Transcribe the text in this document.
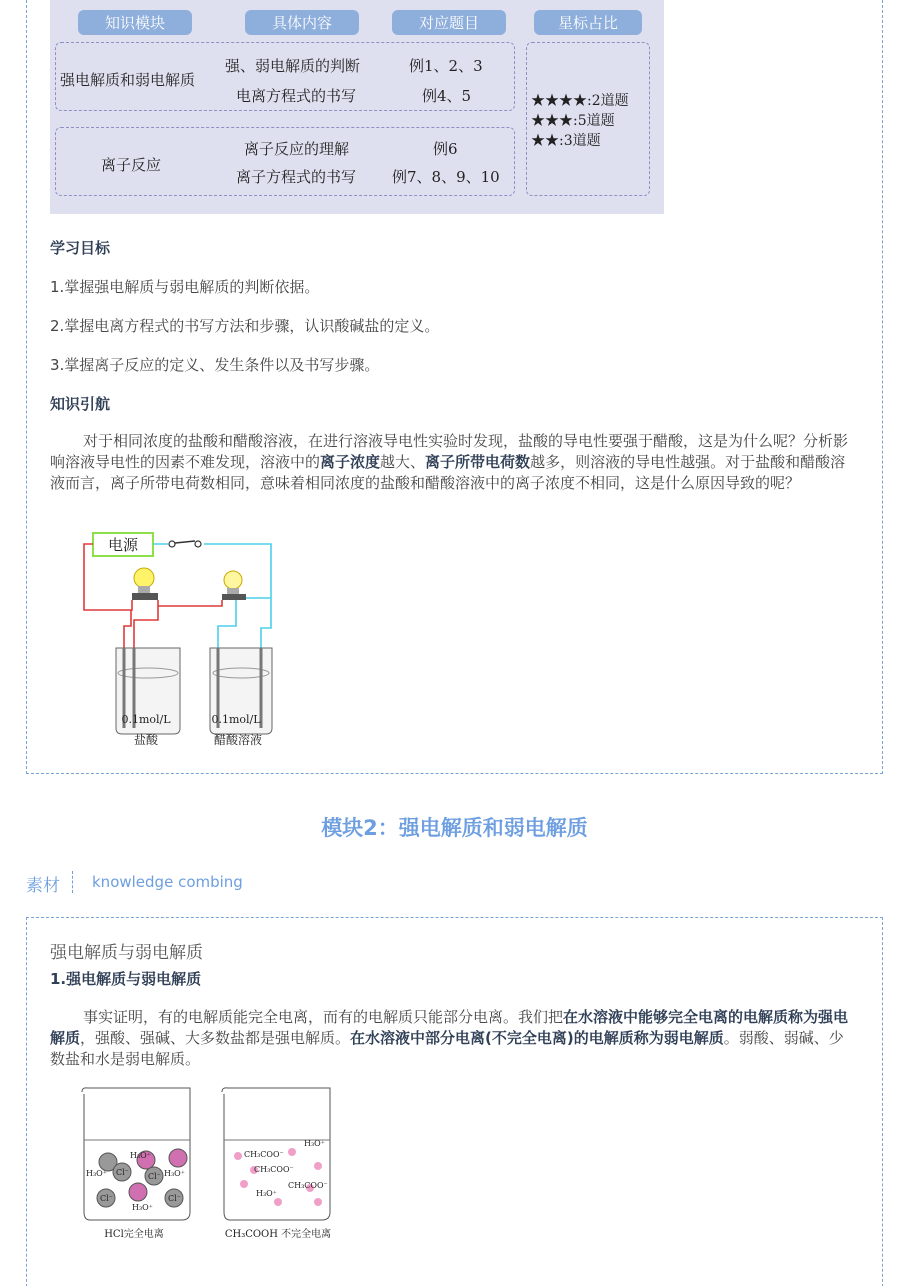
知识模块	具体内容	对应题目	星标占比
强电解质和弱电解质
强、弱电解质的判断	例1、2、3
电离方程式的书写	例4、5
离子反应
离子反应的理解	例6
离子方程式的书写 例7、8、9、10
★★★★:2道题
★★★:5道题
★★:3道题
学习目标
1.掌握强电解质与弱电解质的判断依据。
2.掌握电离方程式的书写方法和步骤，认识酸碱盐的定义。
3.掌握离子反应的定义、发生条件以及书写步骤。
知识引航
对于相同浓度的盐酸和醋酸溶液，在进行溶液导电性实验时发现，盐酸的导电性要强于醋酸，这是为什么呢？分析影响溶液导电性的因素不难发现，溶液中的离子浓度越大、离子所带电荷数越多，则溶液的导电性越强。对于盐酸和醋酸溶液而言，离子所带电荷数相同，意味着相同浓度的盐酸和醋酸溶液中的离子浓度不相同，这是什么原因导致的呢？
电源
0.1mol/L	0.1mol/L
盐酸	醋酸溶液
模块2：强电解质和弱电解质
素材 knowledge combing
强电解质与弱电解质
1.强电解质与弱电解质
事实证明，有的电解质能完全电离，而有的电解质只能部分电离。我们把在水溶液中能够完全电离的电解质称为强电解质，强酸、强碱、大多数盐都是强电解质。在水溶液中部分电离(不完全电离)的电解质称为弱电解质。弱酸、弱碱、少数盐和水是弱电解质。
H₃O⁺
H₃O⁺	H₃O⁺
Cl⁻ Cl⁻
Cl⁻	Cl⁻
H₃O⁺
CH₃COO⁻
CH₃COO⁻
CH₃COO⁻
H₃O⁺
H₃O⁺
HCl完全电离	CH₃COOH 不完全电离
